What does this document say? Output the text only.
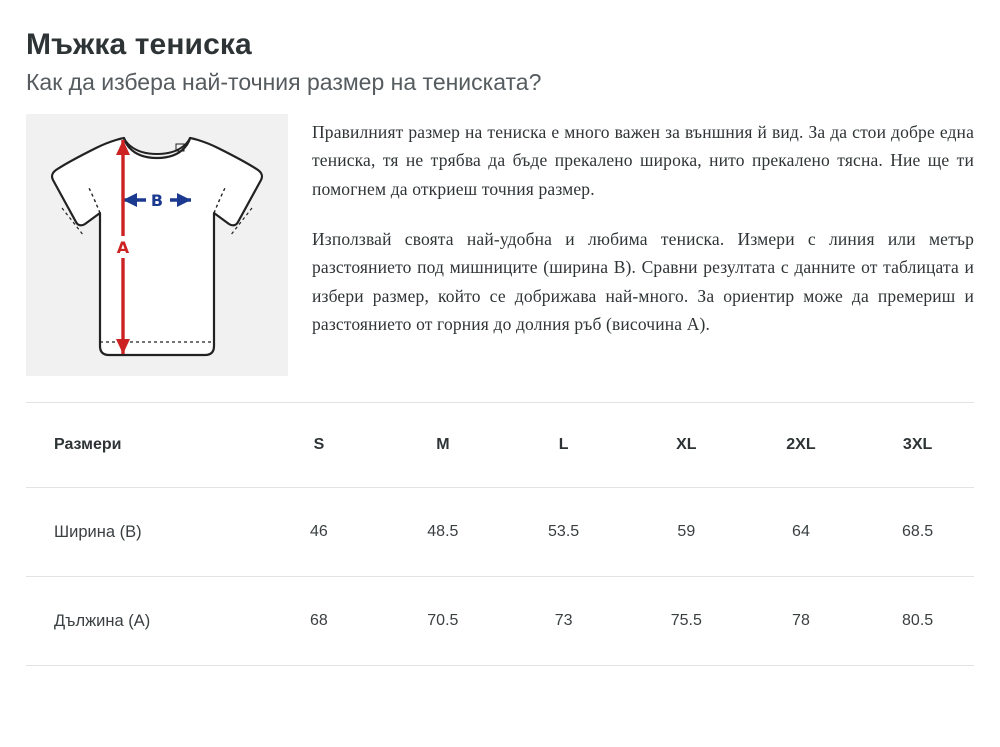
Мъжка тениска
Как да избера най-точния размер на тениската?
B
A

Правилният размер на тениска е много важен за външния й вид. За да стои добре една тениска, тя не трябва да бъде прекалено широка, нито прекалено тясна. Ние ще ти помогнем да откриеш точния размер.

Използвай своята най-удобна и любима тениска. Измери с линия или метър разстоянието под мишниците (ширина B). Сравни резултата с данните от таблицата и избери размер, който се добрижава най-много. За ориентир може да премериш и разстоянието от горния до долния ръб (височина A).

Размери	S	M	L	XL	2XL	3XL
Ширина (B)	46	48.5	53.5	59	64	68.5
Дължина (A)	68	70.5	73	75.5	78	80.5
